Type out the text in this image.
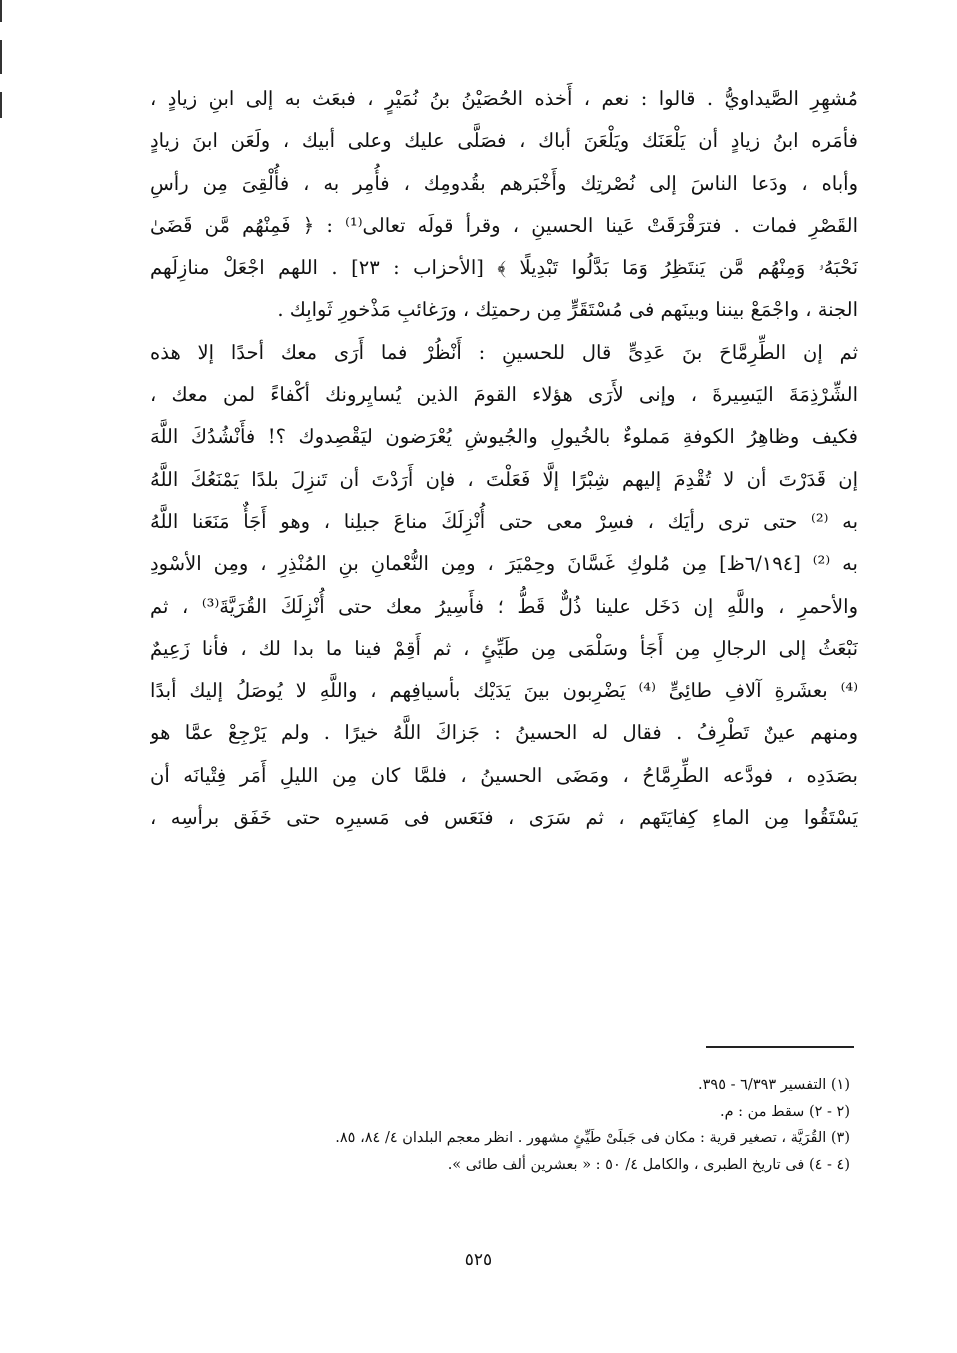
مُشهِرِ الصَّيداويُّ . قالوا : نعم ، أَخذه الحُصَيْنُ بنُ نُمَيْرٍ ، فبعَث به إلى ابنِ زيادٍ ،
فأمَره ابنُ زيادٍ أن يَلْعَنَك ويَلْعَنَ أباك ، فصَلَّى عليك وعلى أبيك ، ولَعَن ابنَ زيادٍ
وأباه ، ودَعا الناسَ إلى نُصْرتِك وأَخْبَرهم بقُدومِك ، فأُمِر به ، فأُلْقِىَ مِن رأسِ
القَصْرِ فمات . فترَقْرَقَتْ عَينا الحسينِ ، وقرأ قولَه تعالى⁽¹⁾ : ﴿ فَمِنْهُم مَّن قَضَىٰ
نَحْبَهُۥ وَمِنْهُم مَّن يَنتَظِرُ وَمَا بَدَّلُوا تَبْدِيلًا ﴾ [الأحزاب : ٢٣] . اللهم اجْعَلْ منازِلَهم
الجنة ، واجْمَعْ بيننا وبينَهم فى مُسْتَقَرٍّ مِن رحمتِك ، ورَغائبِ مَذْخورِ ثَوابِك .
ثم إن الطِّرِمَّاحَ بنَ عَدِىٍّ قال للحسينِ : أَنْظُرْ فما أَرَى معك أحدًا إلا هذه
الشِّرْذِمَةَ اليَسِيرةَ ، وإنى لأَرَى هؤلاء القومَ الذين يُسايِرونك أكْفاءً لمن معك ،
فكيف وظاهِرُ الكوفةِ مَملوءٌ بالخُيولِ والجُيوشِ يُعْرَضون ليَقْصِدوك ؟! فأَنْشُدُكَ اللَّهَ
إن قَدَرْتَ أن لا تُقْدِمَ إليهم شِبْرًا إلَّا فَعَلْتَ ، فإن أَرَدْتَ أن تَنزِلَ بلدًا يَمْنَعُكَ اللَّهُ
به ⁽²⁾ حتى ترى رأيَك ، فسِرْ معى حتى أُنْزِلَكَ مناعَ جبلِنا ، وهو أَجَأٌ مَنَعَنا اللَّهُ
به ⁽²⁾ [٦/١٩٤ظ] مِن مُلوكِ غَسَّانَ وحِمْيَرَ ، ومِن النُّعْمانِ بنِ المُنْذِرِ ، ومِن الأسْودِ
والأحمرِ ، واللَّهِ إن دَخَل علينا ذُلٌّ قَطُّ ؛ فأَسِيرُ معك حتى أُنْزِلَكَ القُرَيَّةَ⁽³⁾ ، ثم
نَبْعَثُ إلى الرجالِ مِن أَجَأ وسَلْمَى مِن طَيِّئٍ ، ثم أَقِمْ فينا ما بدا لك ، فأنا زَعِيمٌ
⁽⁴⁾ بعشَرةِ آلافِ طائِىٍّ ⁽⁴⁾ يَضْرِبون بينَ يَدَيْك بأسيافِهم ، واللَّهِ لا يُوصَلُ إليك أبدًا
ومنهم عينٌ تَطْرِفُ . فقال له الحسينُ : جَزاكَ اللَّهُ خيرًا . ولم يَرْجِعْ عمَّا هو
بصَدَدِه ، فودَّعه الطِّرِمَّاحُ ، ومَضَى الحسينُ ، فلمَّا كان مِن الليلِ أَمَر فِتْيانَه أن
يَسْتَقُوا مِن الماءِ كِفايَتَهم ، ثم سَرَى ، فنَعَس فى مَسيرِه حتى خَفَق برأسِه ،
(١) التفسير ٦/٣٩٣ - ٣٩٥.
(٢ - ٢) سقط من : م.
(٣) القُرَيَّة ، تصغير قرية : مكان فى جَبلَىْ طَيِّئٍ مشهور . انظر معجم البلدان ٤/ ٨٤، ٨٥.
(٤ - ٤) فى تاريخ الطبرى ، والكامل ٤/ ٥٠ : « بعشرين ألف طائى ».
٥٢٥
